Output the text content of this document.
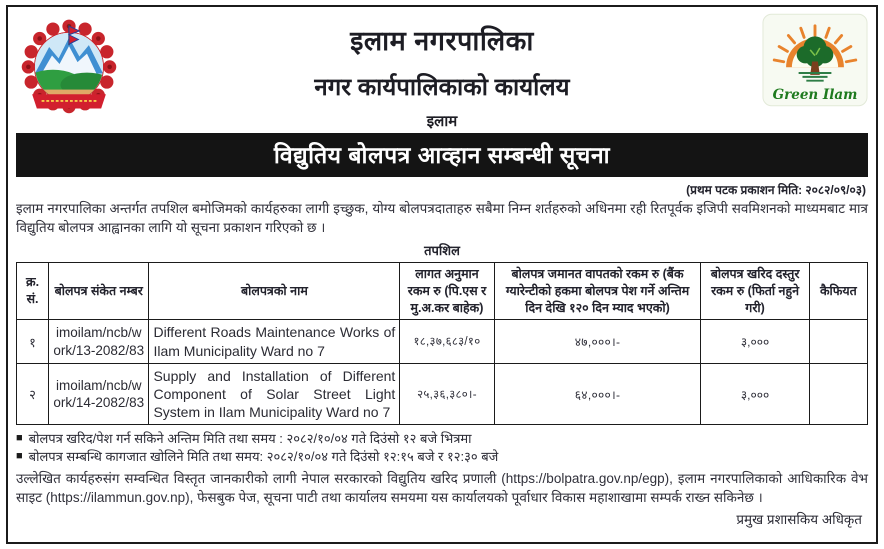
इलाम नगरपालिका
नगर कार्यपालिकाको कार्यालय
इलाम
Green Ilam
विद्युतिय बोलपत्र आव्हान सम्बन्धी सूचना
(प्रथम पटक प्रकाशन मिति: २०८२/०९/०३)
इलाम नगरपालिका अन्तर्गत तपशिल बमोजिमको कार्यहरुका लागी इच्छुक, योग्य बोलपत्रदाताहरु सबैमा निम्न शर्तहरुको अधिनमा रही रितपूर्वक इजिपी सवमिशनको माध्यमबाट मात्र विद्युतिय बोलपत्र आह्वानका लागि यो सूचना प्रकाशन गरिएको छ ।
तपशिल
क्र. सं.	बोलपत्र संकेत नम्बर	बोलपत्रको नाम	लागत अनुमान रकम रु (पि.एस र मु.अ.कर बाहेक)	बोलपत्र जमानत वापतको रकम रु (बैंक ग्यारेन्टीको हकमा बोलपत्र पेश गर्ने अन्तिम दिन देखि १२० दिन म्याद भएको)	बोलपत्र खरिद दस्तुर रकम रु (फिर्ता नहुने गरी)	कैफियत
१	imoilam/ncb/work/13-2082/83	Different Roads Maintenance Works of Ilam Municipality Ward no 7	१८,३७,६८३/१०	४७,०००।-	३,०००	
२	imoilam/ncb/work/14-2082/83	Supply and Installation of Different Component of Solar Street Light System in Ilam Municipality Ward no 7	२५,३६,३८०।-	६४,०००।-	३,०००	
■ बोलपत्र खरिद/पेश गर्न सकिने अन्तिम मिति तथा समय : २०८२/१०/०४ गते दिउंसो १२ बजे भित्रमा
■ बोलपत्र सम्बन्धि कागजात खोलिने मिति तथा समय: २०८२/१०/०४ गते दिउंसो १२:१५ बजे र १२:३० बजे
उल्लेखित कार्यहरुसंग सम्वन्धित विस्तृत जानकारीको लागी नेपाल सरकारको विद्युतिय खरिद प्रणाली (https://bolpatra.gov.np/egp), इलाम नगरपालिकाको आधिकारिक वेभ साइट (https://ilammun.gov.np), फेसबुक पेज, सूचना पाटी तथा कार्यालय समयमा यस कार्यालयको पूर्वाधार विकास महाशाखामा सम्पर्क राख्न सकिनेछ ।
प्रमुख प्रशासकिय अधिकृत
